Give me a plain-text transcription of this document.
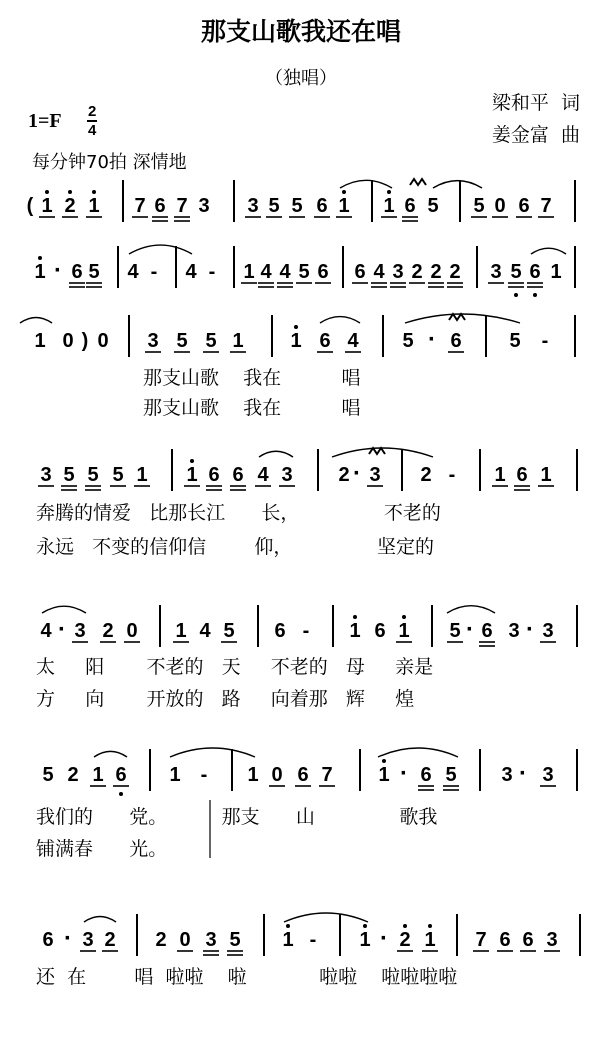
那支山歌我还在唱
（独唱）
梁和平  词
姜金富  曲
1=F 2
4
每分钟70拍 深情地
( 1 2 1 7 6 7 3 3 5 5 6 1 1 6 5 5 0 6 7
1 · 6 5 4 - 4 - 1 4 4 5 6 6 4 3 2 2 2 3 5 6 1
1 0 ) 0 3 5 5 1 1 6 4 5 · 6 5 -
3 5 5 5 1 1 6 6 4 3 2 · 3 2 - 1 6 1
4 · 3 2 0 1 4 5 6 - 1 6 1 5 · 6 3 · 3
5 2 1 6 1 - 1 0 6 7 1 · 6 5 3 · 3
6 · 3 2 2 0 3 5 1 - 1 · 2 1 7 6 6 3
那支山歌    我在          唱
那支山歌    我在          唱
奔腾的情爱   比那长江      长，              不老的
永远   不变的信仰信        仰，              坚定的
太     阳       不老的   天     不老的   母     亲是
方     向       开放的   路     向着那   辉     煌
我们的      党。         那支      山              歌我
铺满春      光。
还  在        唱  啦啦    啦            啦啦    啦啦啦啦
